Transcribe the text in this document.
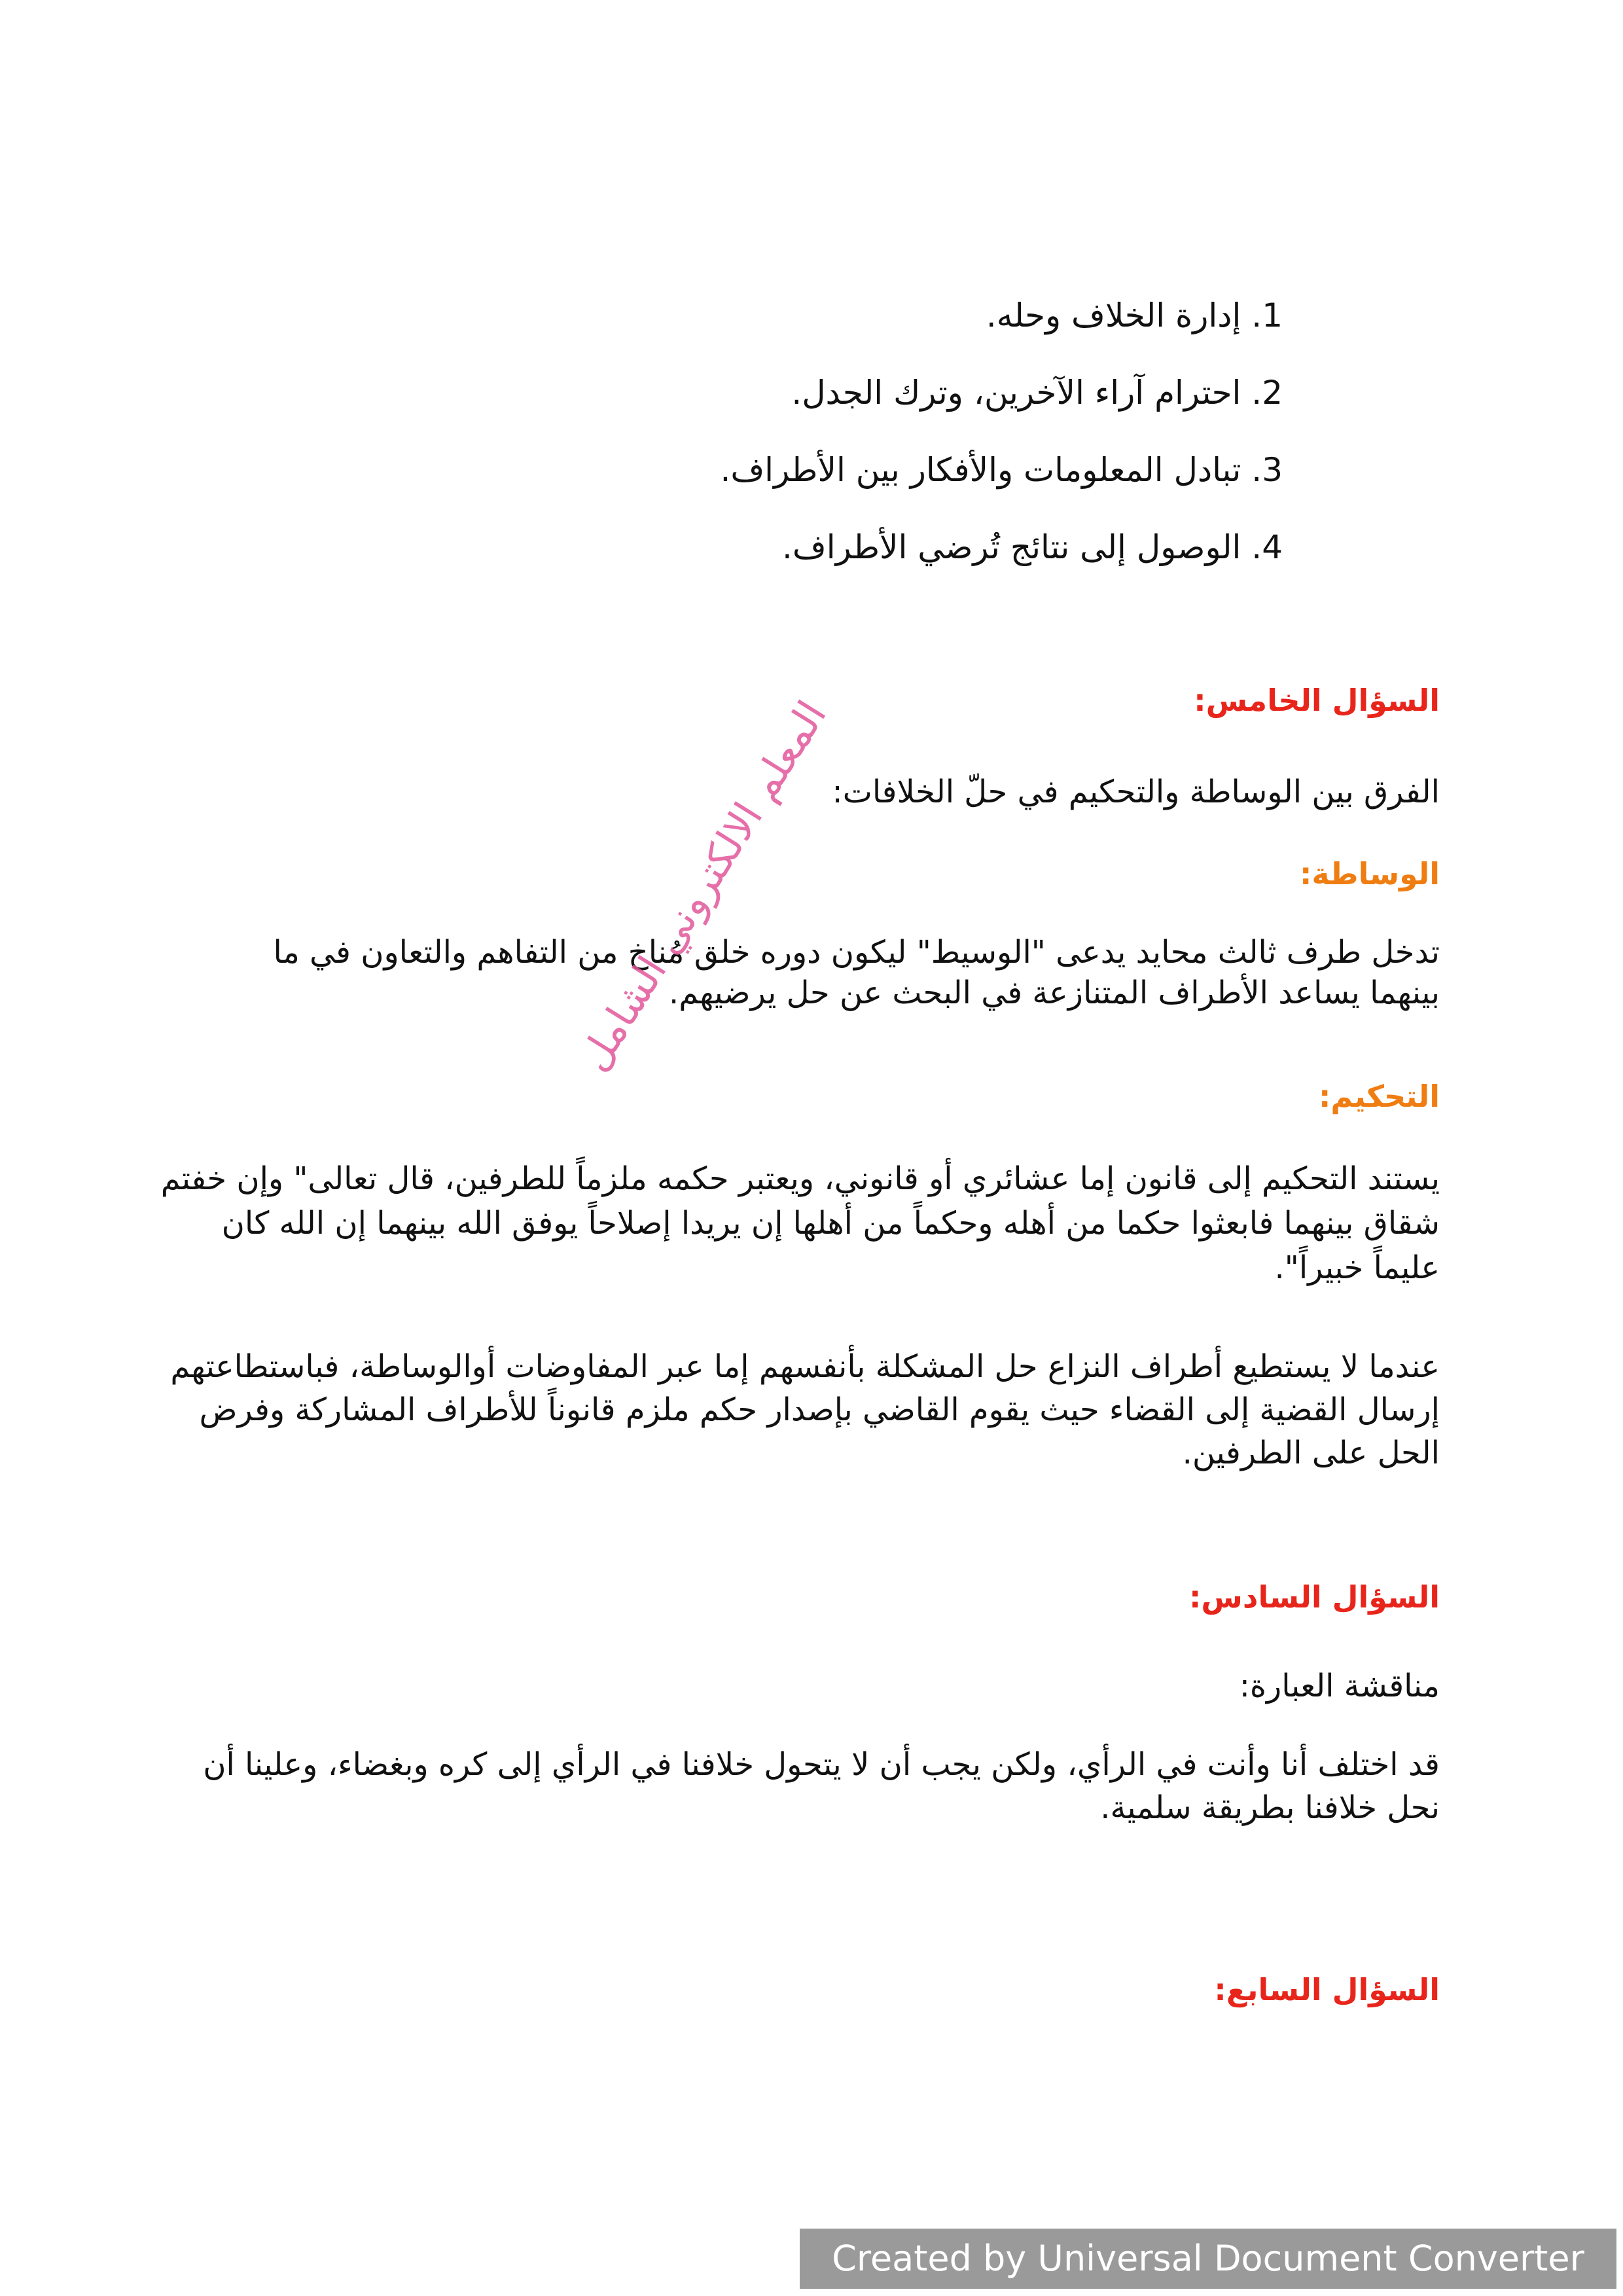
1. إدارة الخلاف وحله.

2. احترام آراء الآخرين، وترك الجدل.

3. تبادل المعلومات والأفكار بين الأطراف.

4. الوصول إلى نتائج تُرضي الأطراف.

السؤال الخامس:

الفرق بين الوساطة والتحكيم في حلّ الخلافات:

الوساطة:

تدخل طرف ثالث محايد يدعى "الوسيط" ليكون دوره خلق مُناخ من التفاهم والتعاون في ما بينهما يساعد الأطراف المتنازعة في البحث عن حل يرضيهم.

التحكيم:

يستند التحكيم إلى قانون إما عشائري أو قانوني، ويعتبر حكمه ملزماً للطرفين، قال تعالى" وإن خفتم شقاق بينهما فابعثوا حكما من أهله وحكماً من أهلها إن يريدا إصلاحاً يوفق الله بينهما إن الله كان عليماً خبيراً".

عندما لا يستطيع أطراف النزاع حل المشكلة بأنفسهم إما عبر المفاوضات أوالوساطة، فباستطاعتهم إرسال القضية إلى القضاء حيث يقوم القاضي بإصدار حكم ملزم قانوناً للأطراف المشاركة وفرض الحل على الطرفين.

السؤال السادس:

مناقشة العبارة:

قد اختلف أنا وأنت في الرأي، ولكن يجب أن لا يتحول خلافنا في الرأي إلى كره وبغضاء، وعلينا أن نحل خلافنا بطريقة سلمية.

السؤال السابع:

المعلم الالكتروني الشامل
Created by Universal Document Converter
